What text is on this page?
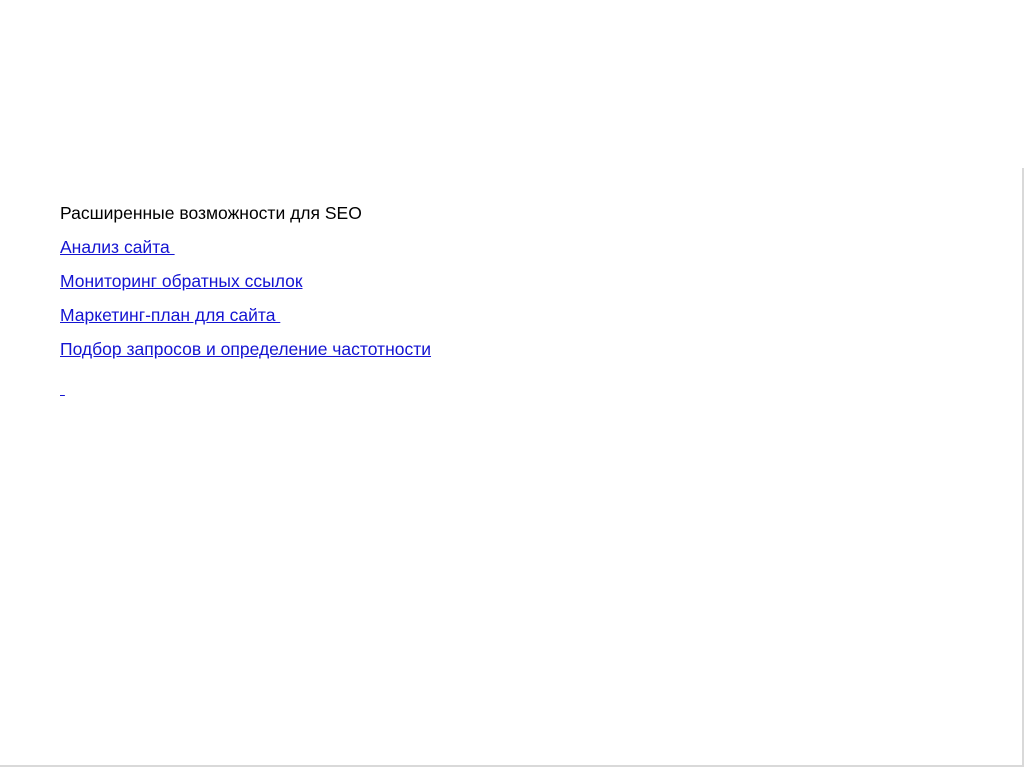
Расширенные возможности для SEO
Анализ сайта
Мониторинг обратных ссылок
Маркетинг-план для сайта
Подбор запросов и определение частотности
